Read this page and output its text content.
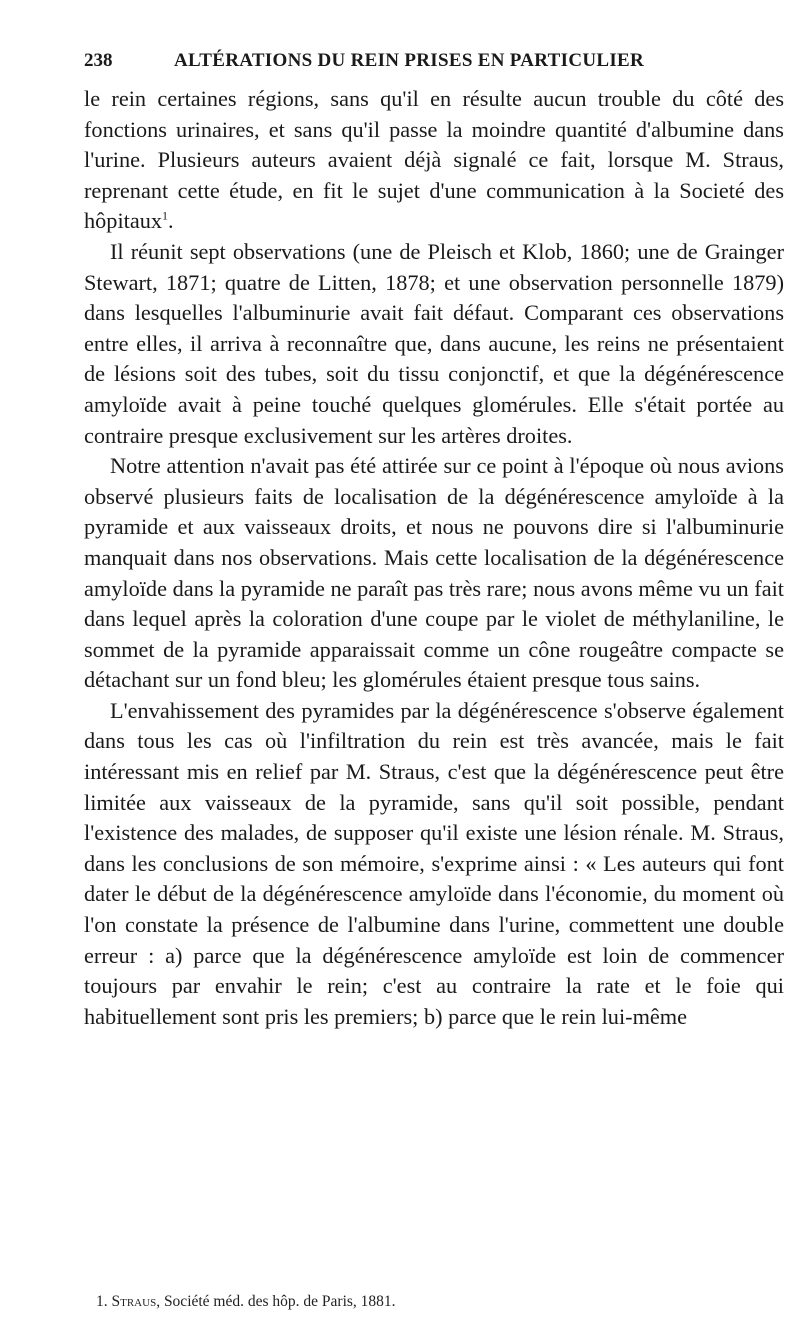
238	ALTÉRATIONS DU REIN PRISES EN PARTICULIER

le rein certaines régions, sans qu'il en résulte aucun trouble du côté des fonctions urinaires, et sans qu'il passe la moindre quantité d'albumine dans l'urine. Plusieurs auteurs avaient déjà signalé ce fait, lorsque M. Straus, reprenant cette étude, en fit le sujet d'une communication à la Societé des hôpitaux$^1$.

Il réunit sept observations (une de Pleisch et Klob, 1860; une de Grainger Stewart, 1871; quatre de Litten, 1878; et une observation personnelle 1879) dans lesquelles l'albuminurie avait fait défaut. Comparant ces observations entre elles, il arriva à reconnaître que, dans aucune, les reins ne présentaient de lésions soit des tubes, soit du tissu conjonctif, et que la dégénérescence amyloïde avait à peine touché quelques glomérules. Elle s'était portée au contraire presque exclusivement sur les artères droites.

Notre attention n'avait pas été attirée sur ce point à l'époque où nous avions observé plusieurs faits de localisation de la dégénérescence amyloïde à la pyramide et aux vaisseaux droits, et nous ne pouvons dire si l'albuminurie manquait dans nos observations. Mais cette localisation de la dégénérescence amyloïde dans la pyramide ne paraît pas très rare; nous avons même vu un fait dans lequel après la coloration d'une coupe par le violet de méthylaniline, le sommet de la pyramide apparaissait comme un cône rougeâtre compacte se détachant sur un fond bleu; les glomérules étaient presque tous sains.

L'envahissement des pyramides par la dégénérescence s'observe également dans tous les cas où l'infiltration du rein est très avancée, mais le fait intéressant mis en relief par M. Straus, c'est que la dégénérescence peut être limitée aux vaisseaux de la pyramide, sans qu'il soit possible, pendant l'existence des malades, de supposer qu'il existe une lésion rénale. M. Straus, dans les conclusions de son mémoire, s'exprime ainsi : « Les auteurs qui font dater le début de la dégénérescence amyloïde dans l'économie, du moment où l'on constate la présence de l'albumine dans l'urine, commettent une double erreur : a) parce que la dégénérescence amyloïde est loin de commencer toujours par envahir le rein; c'est au contraire la rate et le foie qui habituellement sont pris les premiers; b) parce que le rein lui-même

1. Straus, Société méd. des hôp. de Paris, 1881.
